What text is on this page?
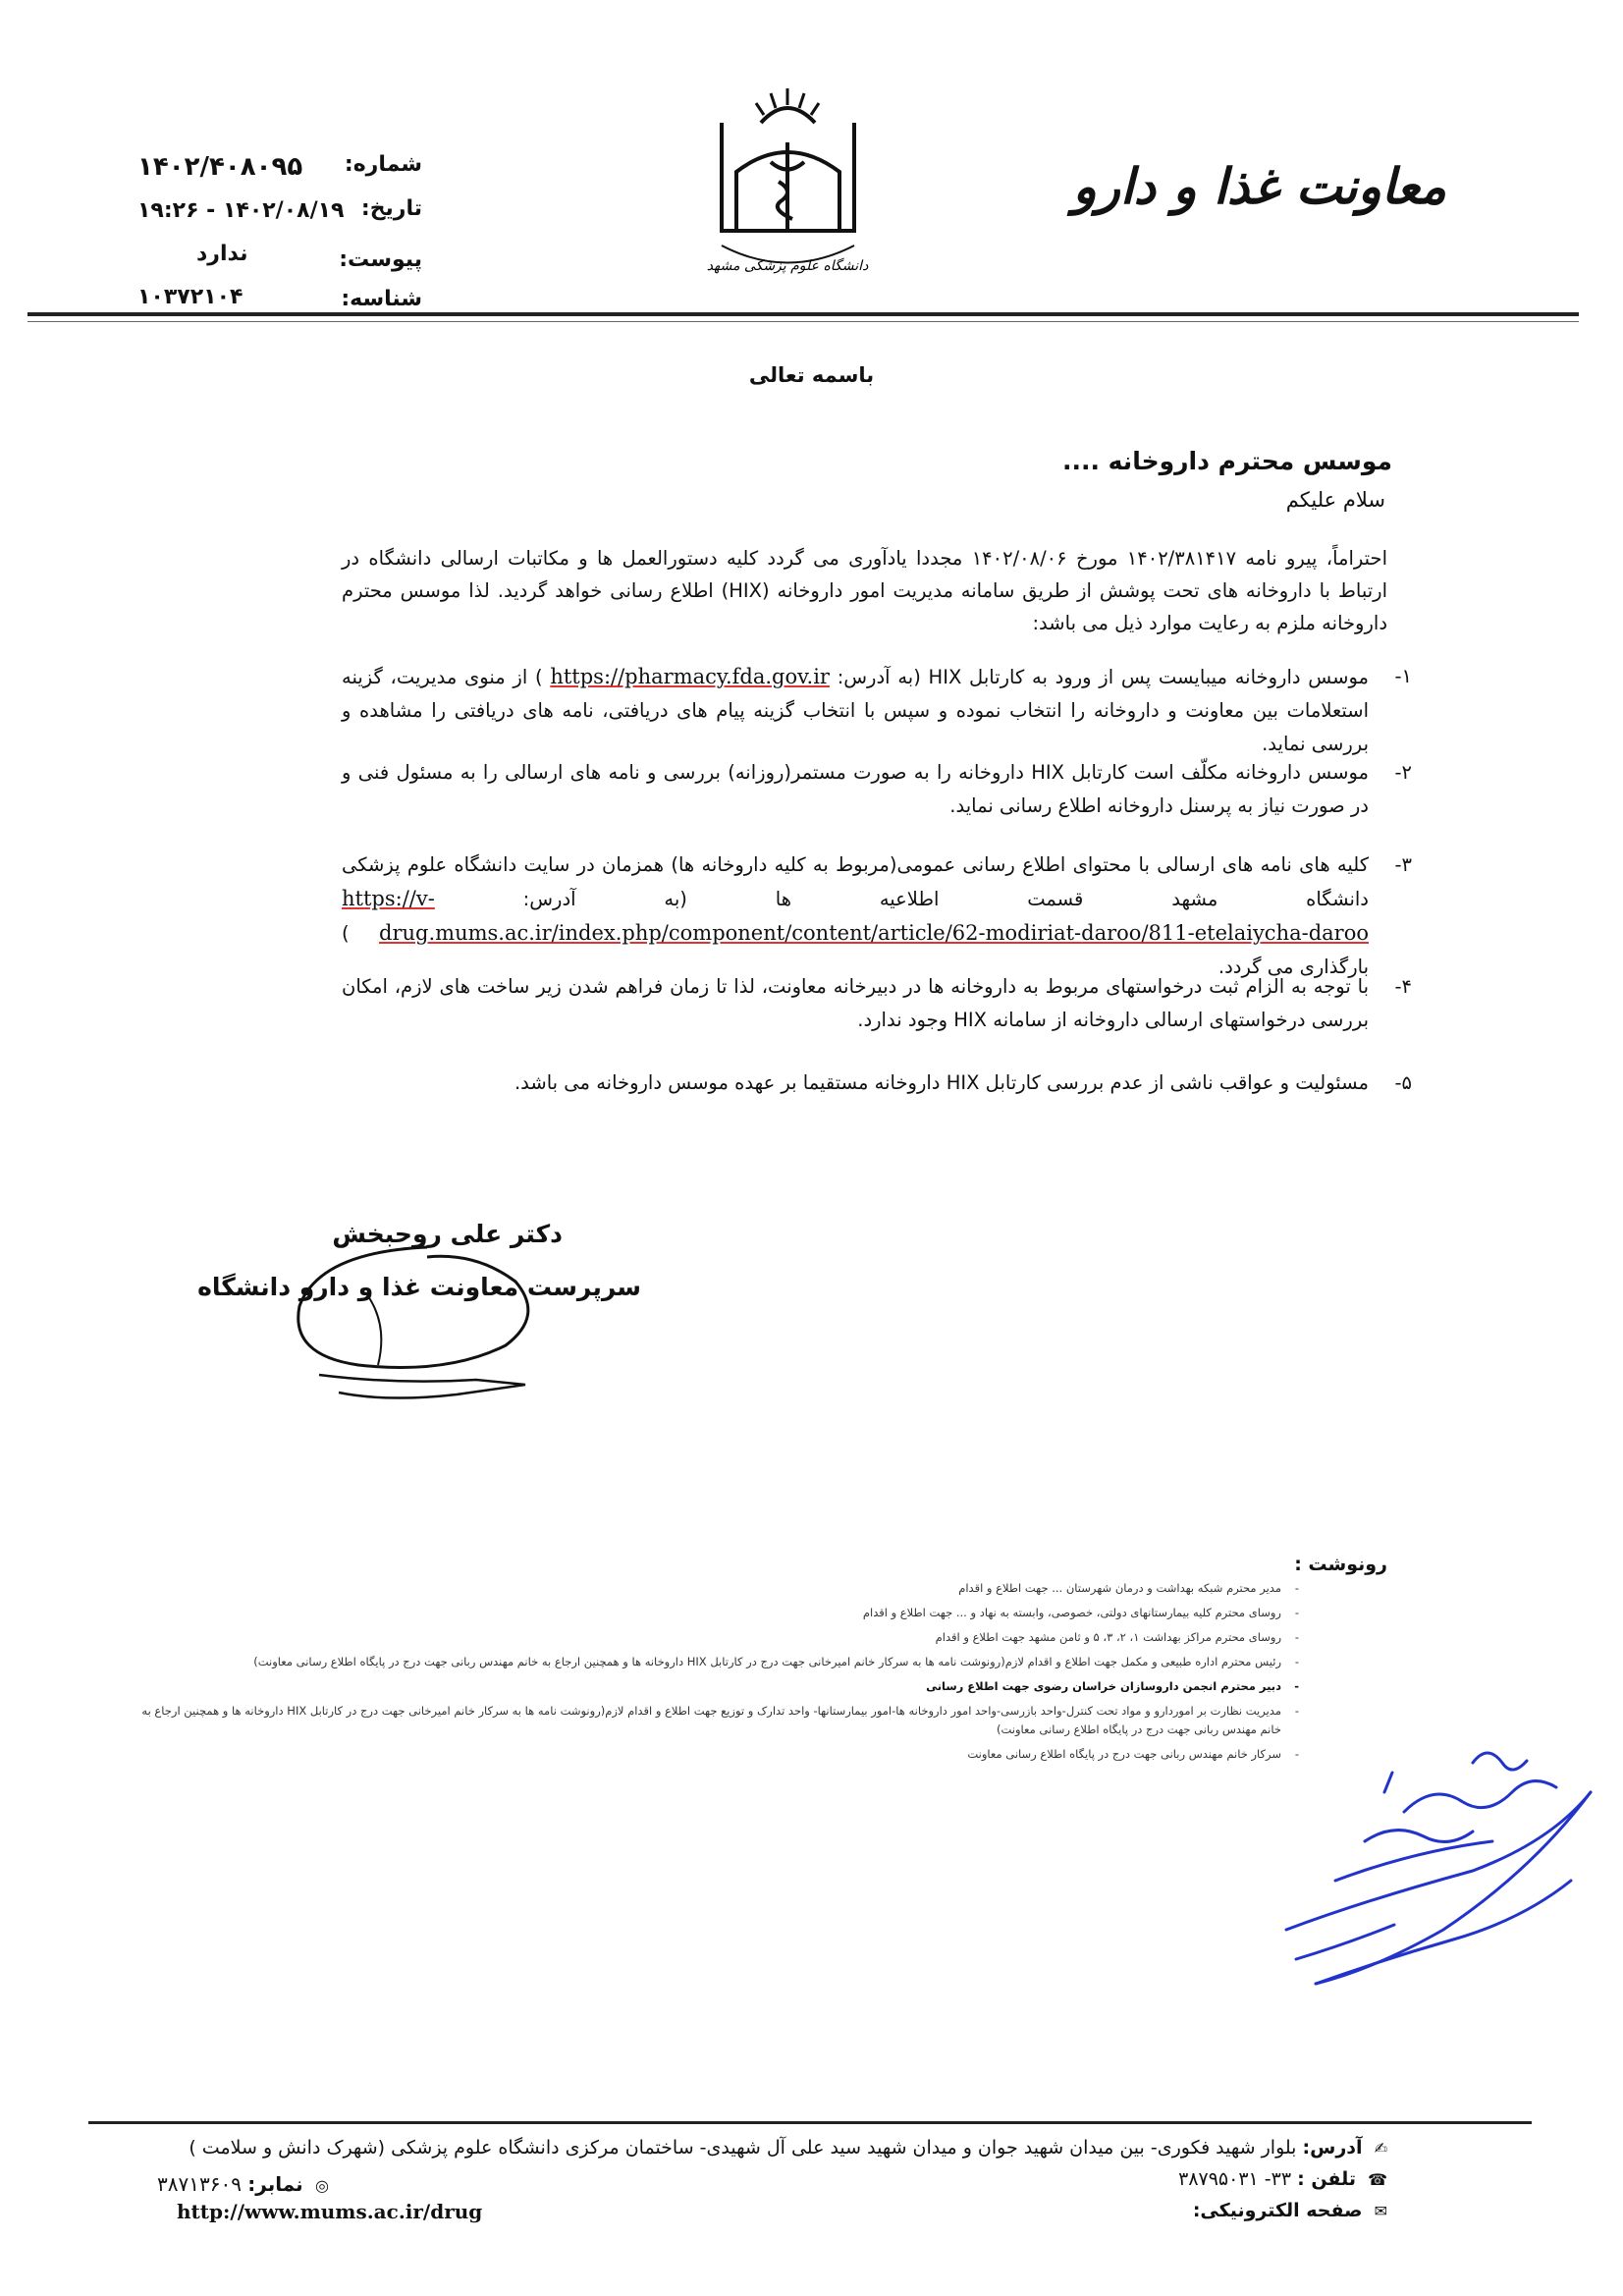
معاونت غذا و دارو
دانشگاه علوم پزشکی مشهد
شماره:
۱۴۰۲/۴۰۸۰۹۵
تاریخ:
۱۴۰۲/۰۸/۱۹ - ۱۹:۲۶
پیوست:
ندارد
شناسه:
۱۰۳۷۲۱۰۴
باسمه تعالی
موسس محترم داروخانه ....
سلام علیکم
احتراماً، پیرو نامه ۱۴۰۲/۳۸۱۴۱۷ مورخ ۱۴۰۲/۰۸/۰۶ مجددا یادآوری می گردد کلیه دستورالعمل ها و مکاتبات ارسالی دانشگاه در ارتباط با داروخانه های تحت پوشش از طریق سامانه مدیریت امور داروخانه (HIX) اطلاع رسانی خواهد گردید. لذا موسس محترم داروخانه ملزم به رعایت موارد ذیل می باشد:
۱-
موسس داروخانه میبایست پس از ورود به کارتابل HIX (به آدرس: https://pharmacy.fda.gov.ir ) از منوی مدیریت، گزینه استعلامات بین معاونت و داروخانه را انتخاب نموده و سپس با انتخاب گزینه پیام های دریافتی، نامه های دریافتی را مشاهده و بررسی نماید.
۲-
موسس داروخانه مکلّف است کارتابل HIX داروخانه را به صورت مستمر(روزانه) بررسی و نامه های ارسالی را به مسئول فنی و در صورت نیاز به پرسنل داروخانه اطلاع رسانی نماید.
۳-
کلیه های نامه های ارسالی با محتوای اطلاع رسانی عمومی(مربوط به کلیه داروخانه ها) همزمان در سایت دانشگاه علوم پزشکی دانشگاه مشهد قسمت اطلاعیه ها (به آدرس: https://v-drug.mums.ac.ir/index.php/component/content/article/62-modiriat-daroo/811-etelaiycha-daroo ) بارگذاری می گردد.
۴-
با توجه به الزام ثبت درخواستهای مربوط به داروخانه ها در دبیرخانه معاونت، لذا تا زمان فراهم شدن زیر ساخت های لازم، امکان بررسی درخواستهای ارسالی داروخانه از سامانه HIX وجود ندارد.
۵-
مسئولیت و عواقب ناشی از عدم بررسی کارتابل HIX داروخانه مستقیما بر عهده موسس داروخانه می باشد.
دکتر علی روحبخش
سرپرست معاونت غذا و دارو دانشگاه
رونوشت :
-
مدیر محترم شبکه بهداشت و درمان شهرستان ... جهت اطلاع و اقدام
-
روسای محترم کلیه بیمارستانهای دولتی، خصوصی، وابسته به نهاد و ... جهت اطلاع و اقدام
-
روسای محترم مراکز بهداشت ۱، ۲، ۳، ۵ و ثامن مشهد جهت اطلاع و اقدام
-
رئیس محترم اداره طبیعی و مکمل جهت اطلاع و اقدام لازم(رونوشت نامه ها به سرکار خانم امیرخانی جهت درج در کارتابل HIX داروخانه ها و همچنین ارجاع به خانم مهندس ربانی جهت درج در پایگاه اطلاع رسانی معاونت)
-
دبیر محترم انجمن داروسازان خراسان رضوی جهت اطلاع رسانی
-
مدیریت نظارت بر اموردارو و مواد تحت کنترل-واحد بازرسی-واحد امور داروخانه ها-امور بیمارستانها- واحد تدارک و توزیع جهت اطلاع و اقدام لازم(رونوشت نامه ها به سرکار خانم امیرخانی جهت درج در کارتابل HIX داروخانه ها و همچنین ارجاع به خانم مهندس ربانی جهت درج در پایگاه اطلاع رسانی معاونت)
-
سرکار خانم مهندس ربانی جهت درج در پایگاه اطلاع رسانی معاونت
✍ آدرس: بلوار شهید فکوری- بین میدان شهید جوان و میدان شهید سید علی آل شهیدی- ساختمان مرکزی دانشگاه علوم پزشکی (شهرک دانش و سلامت )
☎ تلفن : ۳۳- ۳۸۷۹۵۰۳۱
✉ صفحه الکترونیکی:
◎ نمابر: ۳۸۷۱۳۶۰۹
http://www.mums.ac.ir/drug
